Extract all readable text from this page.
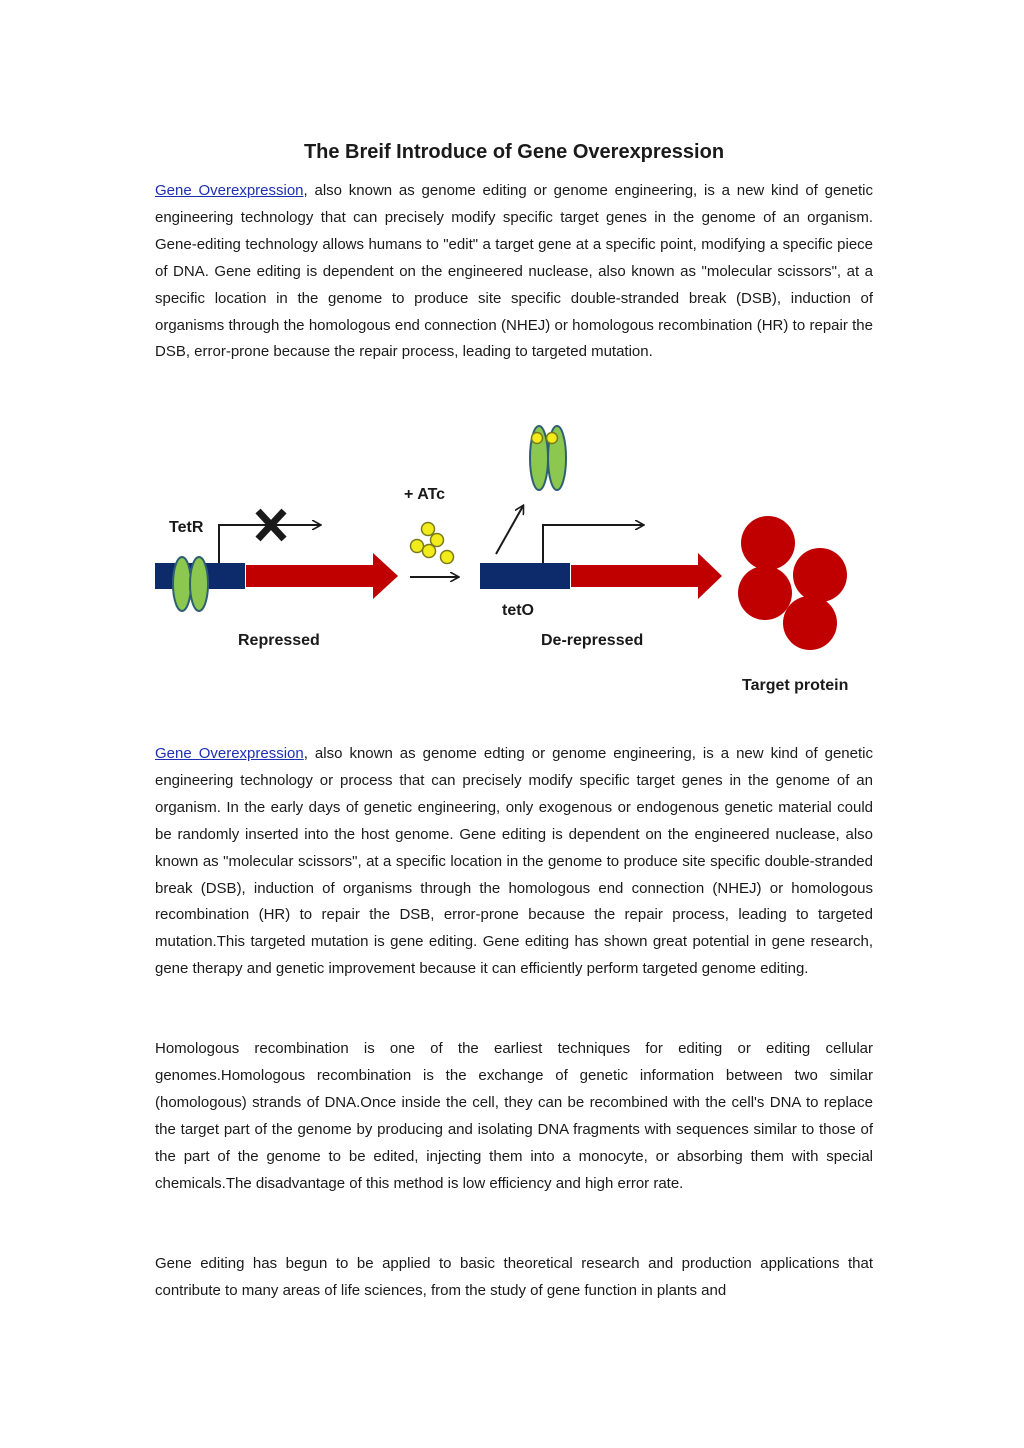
The Breif Introduce of Gene Overexpression

Gene Overexpression, also known as genome editing or genome engineering, is a new kind of genetic engineering technology that can precisely modify specific target genes in the genome of an organism. Gene-editing technology allows humans to "edit" a target gene at a specific point, modifying a specific piece of DNA. Gene editing is dependent on the engineered nuclease, also known as "molecular scissors", at a specific location in the genome to produce site specific double-stranded break (DSB), induction of organisms through the homologous end connection (NHEJ) or homologous recombination (HR) to repair the DSB, error-prone because the repair process, leading to targeted mutation.

Gene Overexpression, also known as genome edting or genome engineering, is a new kind of genetic engineering technology or process that can precisely modify specific target genes in the genome of an organism. In the early days of genetic engineering, only exogenous or endogenous genetic material could be randomly inserted into the host genome. Gene editing is dependent on the engineered nuclease, also known as "molecular scissors", at a specific location in the genome to produce site specific double-stranded break (DSB), induction of organisms through the homologous end connection (NHEJ) or homologous recombination (HR) to repair the DSB, error-prone because the repair process, leading to targeted mutation.This targeted mutation is gene editing. Gene editing has shown great potential in gene research, gene therapy and genetic improvement because it can efficiently perform targeted genome editing.

Homologous recombination is one of the earliest techniques for editing or editing cellular genomes.Homologous recombination is the exchange of genetic information between two similar (homologous) strands of DNA.Once inside the cell, they can be recombined with the cell's DNA to replace the target part of the genome by producing and isolating DNA fragments with sequences similar to those of the part of the genome to be edited, injecting them into a monocyte, or absorbing them with special chemicals.The disadvantage of this method is low efficiency and high error rate.

Gene editing has begun to be applied to basic theoretical research and production applications that contribute to many areas of life sciences, from the study of gene function in plants and

TetR
+ ATc
tetO
Repressed	De-repressed
Target protein
